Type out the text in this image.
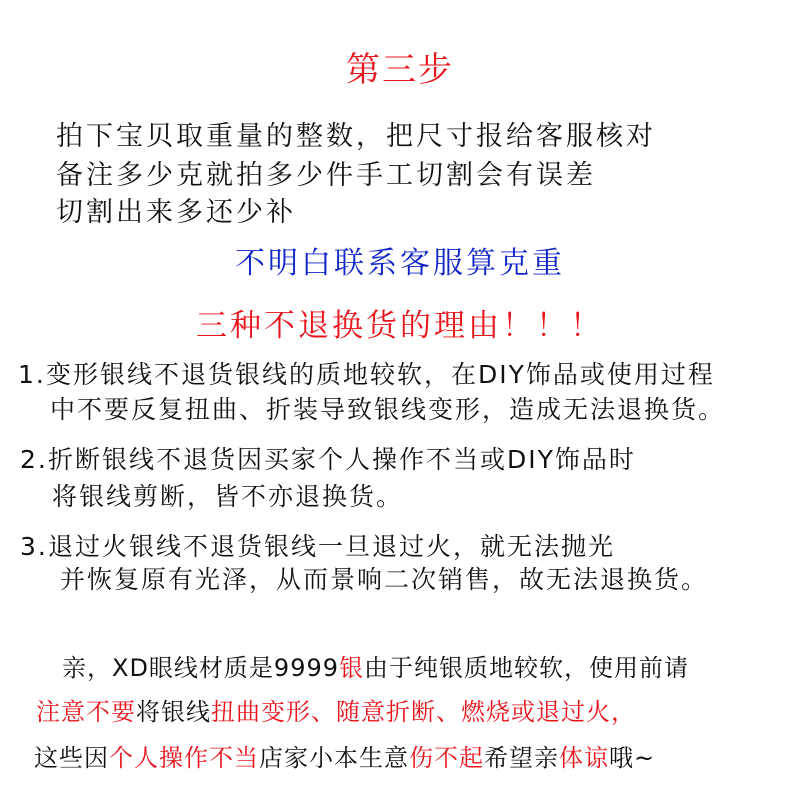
第三步
拍下宝贝取重量的整数，把尺寸报给客服核对
备注多少克就拍多少件手工切割会有误差
切割出来多还少补
不明白联系客服算克重
三种不退换货的理由！！！
1.变形银线不退货银线的质地较软，在DIY饰品或使用过程
中不要反复扭曲、折装导致银线变形，造成无法退换货。
2.折断银线不退货因买家个人操作不当或DIY饰品时
将银线剪断，皆不亦退换货。
3.退过火银线不退货银线一旦退过火，就无法抛光
并恢复原有光泽，从而景响二次销售，故无法退换货。
亲，XD眼线材质是9999银由于纯银质地较软，使用前请
注意不要将银线扭曲变形、随意折断、燃烧或退过火，
这些因个人操作不当店家小本生意伤不起希望亲体谅哦~
